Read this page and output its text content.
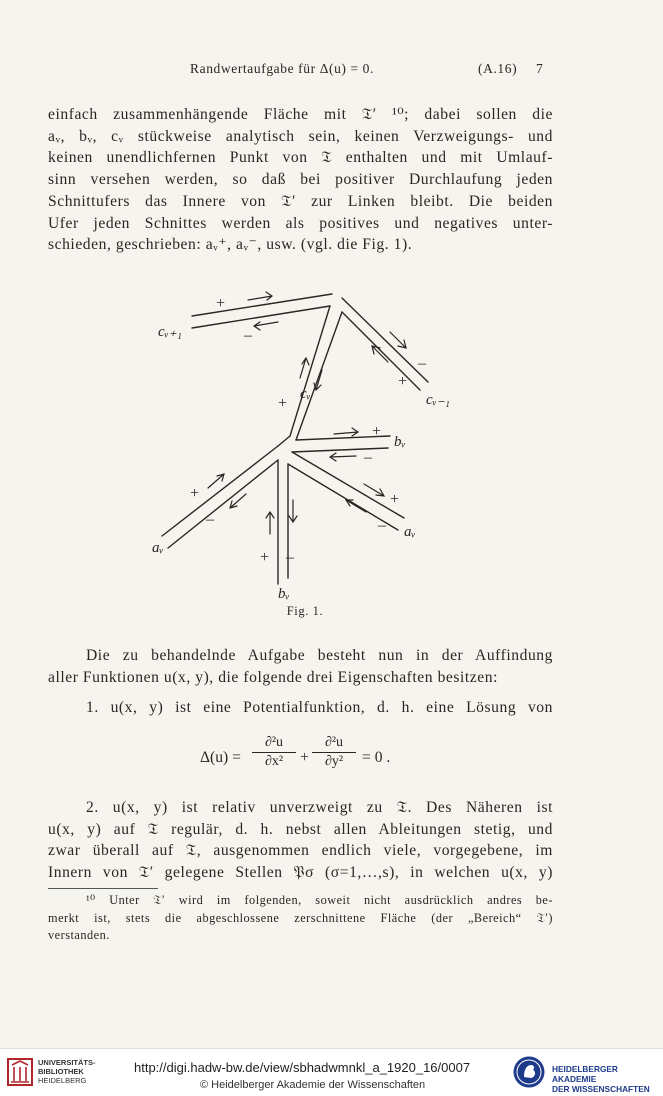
Randwertaufgabe für Δ(u) = 0.	(A.16) 7
einfach zusammenhängende Fläche mit 𝔗′ ¹⁰; dabei sollen die
aᵥ, bᵥ, cᵥ stückweise analytisch sein, keinen Verzweigungs- und
keinen unendlichfernen Punkt von 𝔗 enthalten und mit Umlauf-
sinn versehen werden, so daß bei positiver Durchlaufung jeden
Schnittufers das Innere von 𝔗′ zur Linken bleibt. Die beiden
Ufer jeden Schnittes werden als positives und negatives unter-
schieden, geschrieben: aᵥ⁺, aᵥ⁻, usw. (vgl. die Fig. 1).
+
–
–
+
+
+
–
+
–
+
–
+ –
cᵥ₊₁
cᵥ₋₁
cᵥ
bᵥ
aᵥ
aᵥ
bᵥ
Fig. 1.
Die zu behandelnde Aufgabe besteht nun in der Auffindung
aller Funktionen u(x, y), die folgende drei Eigenschaften besitzen:
1. u(x, y) ist eine Potentialfunktion, d. h. eine Lösung von
Δ(u) =
∂²u
∂x²	+
∂²u
∂y²	= 0 .
2. u(x, y) ist relativ unverzweigt zu 𝔗. Des Näheren ist
u(x, y) auf 𝔗 regulär, d. h. nebst allen Ableitungen stetig, und
zwar überall auf 𝔗, ausgenommen endlich viele, vorgegebene, im
Innern von 𝔗′ gelegene Stellen 𝔓σ (σ=1,…,s), in welchen u(x, y)
¹⁰ Unter 𝔗′ wird im folgenden, soweit nicht ausdrücklich andres be-
merkt ist, stets die abgeschlossene zerschnittene Fläche (der „Bereich“ 𝔗′)
verstanden.
UNIVERSITÄTS-
BIBLIOTHEK
HEIDELBERG
http://digi.hadw-bw.de/view/sbhadwmnkl_a_1920_16/0007
© Heidelberger Akademie der Wissenschaften
HEIDELBERGER AKADEMIE
DER WISSENSCHAFTEN
